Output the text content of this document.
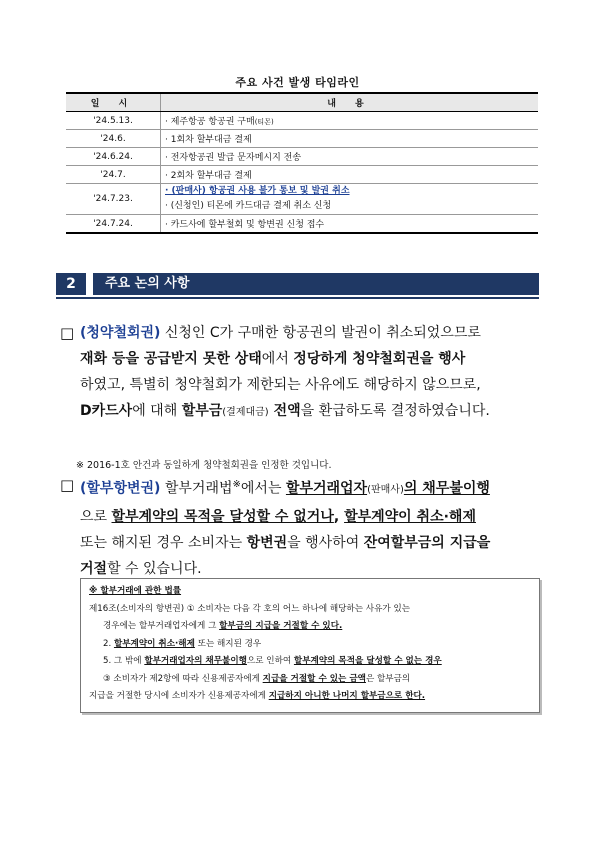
주요 사건 발생 타임라인
일 시	내 용
'24.5.13.	· 제주항공 항공권 구매(티몬)
'24.6.	· 1회차 할부대금 결제
'24.6.24.	· 전자항공권 발급 문자메시지 전송
'24.7.	· 2회차 할부대금 결제
'24.7.23.	· (판매사) 항공권 사용 불가 통보 및 발권 취소
· (신청인) 티몬에 카드대금 결제 취소 신청

'24.7.24.	· 카드사에 할부철회 및 항변권 신청 접수
2	주요 논의 사항
□ (청약철회권) 신청인 C가 구매한 항공권의 발권이 취소되었으므로
재화 등을 공급받지 못한 상태에서 정당하게 청약철회권을 행사
하였고, 특별히 청약철회가 제한되는 사유에도 해당하지 않으므로,
D카드사에 대해 할부금(결제대금) 전액을 환급하도록 결정하였습니다.
※ 2016-1호 안건과 동일하게 청약철회권을 인정한 것입니다.
□ (할부항변권) 할부거래법※에서는 할부거래업자(판매사)의 채무불이행
으로 할부계약의 목적을 달성할 수 없거나, 할부계약이 취소·해제
또는 해지된 경우 소비자는 항변권을 행사하여 잔여할부금의 지급을
거절할 수 있습니다.
※ 할부거래에 관한 법률
제16조(소비자의 항변권) ① 소비자는 다음 각 호의 어느 하나에 해당하는 사유가 있는
경우에는 할부거래업자에게 그 할부금의 지급을 거절할 수 있다.
2. 할부계약이 취소·해제 또는 해지된 경우
5. 그 밖에 할부거래업자의 채무불이행으로 인하여 할부계약의 목적을 달성할 수 없는 경우
③ 소비자가 제2항에 따라 신용제공자에게 지급을 거절할 수 있는 금액은 할부금의
지급을 거절한 당시에 소비자가 신용제공자에게 지급하지 아니한 나머지 할부금으로 한다.
